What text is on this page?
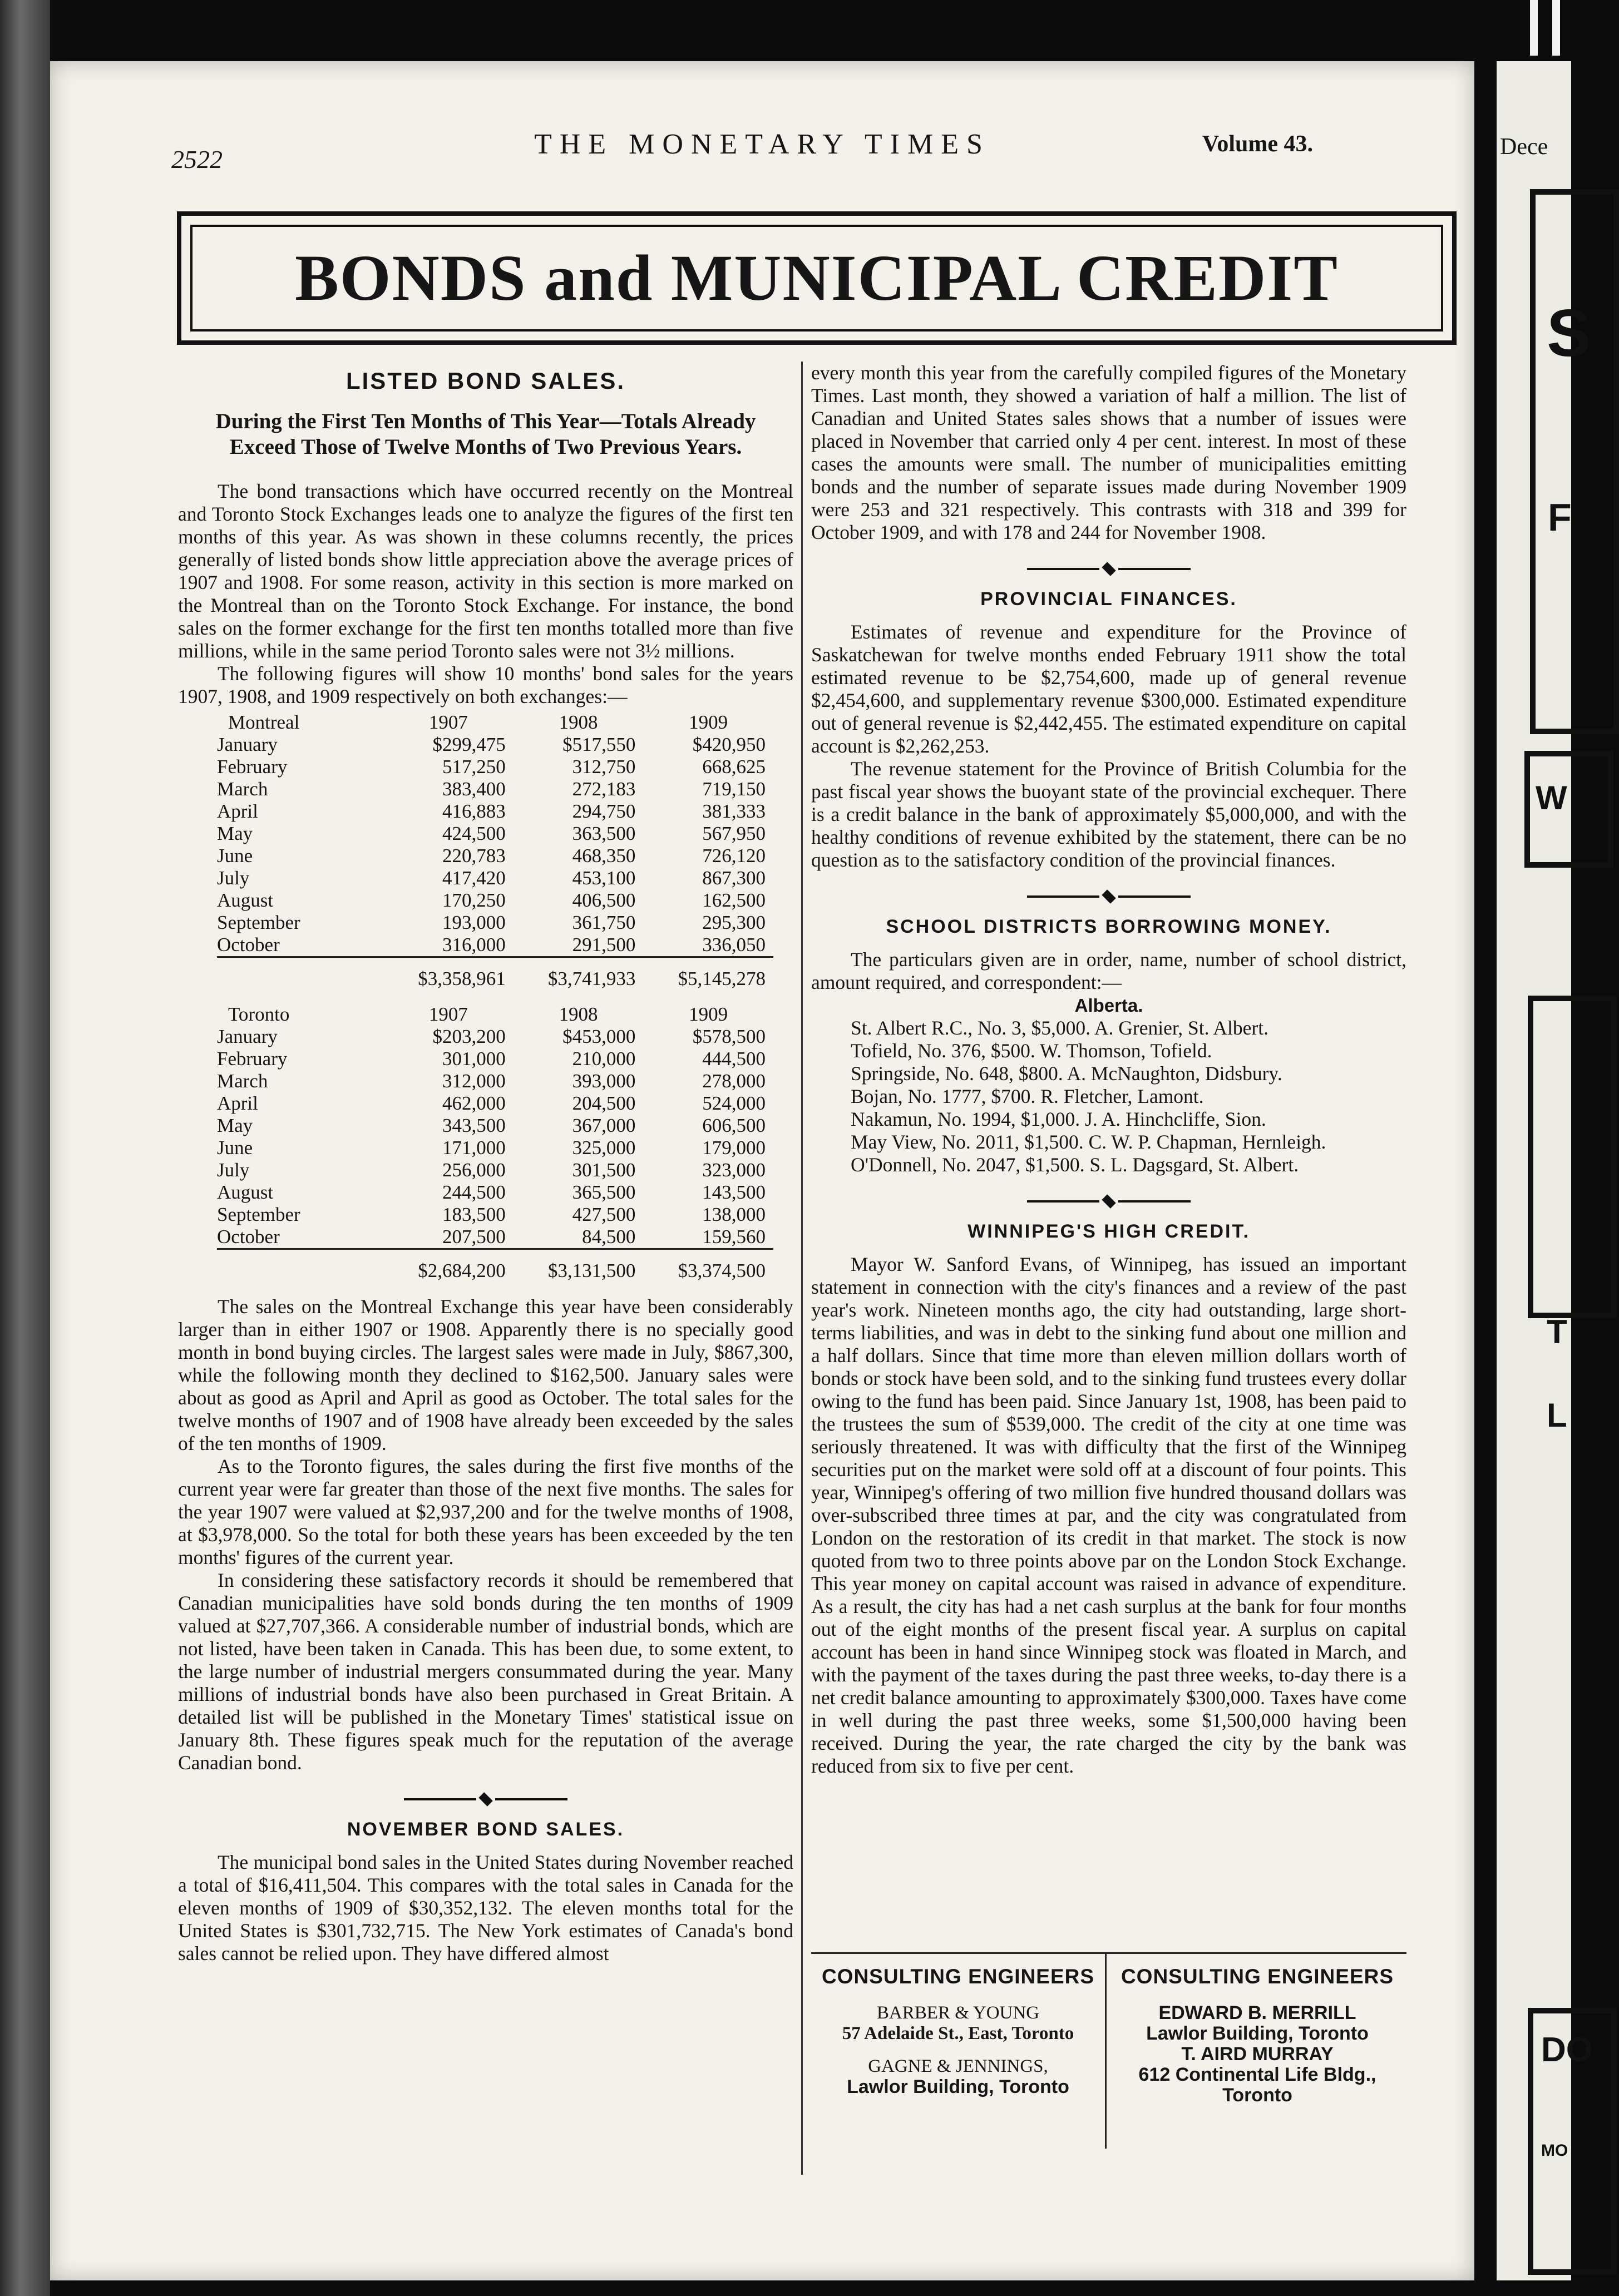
2522	THE MONETARY TIMES	Volume 43.
BONDS and MUNICIPAL CREDIT
LISTED BOND SALES.
During the First Ten Months of This Year—Totals Already Exceed Those of Twelve Months of Two Previous Years.

The bond transactions which have occurred recently on the Montreal and Toronto Stock Exchanges leads one to analyze the figures of the first ten months of this year. As was shown in these columns recently, the prices generally of listed bonds show little appreciation above the average prices of 1907 and 1908. For some reason, activity in this section is more marked on the Montreal than on the Toronto Stock Exchange. For instance, the bond sales on the former exchange for the first ten months totalled more than five millions, while in the same period Toronto sales were not 3½ millions.

The following figures will show 10 months' bond sales for the years 1907, 1908, and 1909 respectively on both exchanges:—

Montreal	1907	1908	1909
January	$299,475	$517,550	$420,950
February	517,250	312,750	668,625
March	383,400	272,183	719,150
April	416,883	294,750	381,333
May	424,500	363,500	567,950
June	220,783	468,350	726,120
July	417,420	453,100	867,300
August	170,250	406,500	162,500
September	193,000	361,750	295,300
October	316,000	291,500	336,050
	$3,358,961	$3,741,933	$5,145,278

Toronto	1907	1908	1909
January	$203,200	$453,000	$578,500
February	301,000	210,000	444,500
March	312,000	393,000	278,000
April	462,000	204,500	524,000
May	343,500	367,000	606,500
June	171,000	325,000	179,000
July	256,000	301,500	323,000
August	244,500	365,500	143,500
September	183,500	427,500	138,000
October	207,500	84,500	159,560
	$2,684,200	$3,131,500	$3,374,500

The sales on the Montreal Exchange this year have been considerably larger than in either 1907 or 1908. Apparently there is no specially good month in bond buying circles. The largest sales were made in July, $867,300, while the following month they declined to $162,500. January sales were about as good as April and April as good as October. The total sales for the twelve months of 1907 and of 1908 have already been exceeded by the sales of the ten months of 1909.

As to the Toronto figures, the sales during the first five months of the current year were far greater than those of the next five months. The sales for the year 1907 were valued at $2,937,200 and for the twelve months of 1908, at $3,978,000. So the total for both these years has been exceeded by the ten months' figures of the current year.

In considering these satisfactory records it should be remembered that Canadian municipalities have sold bonds during the ten months of 1909 valued at $27,707,366. A considerable number of industrial bonds, which are not listed, have been taken in Canada. This has been due, to some extent, to the large number of industrial mergers consummated during the year. Many millions of industrial bonds have also been purchased in Great Britain. A detailed list will be published in the Monetary Times' statistical issue on January 8th. These figures speak much for the reputation of the average Canadian bond.

NOVEMBER BOND SALES.

The municipal bond sales in the United States during November reached a total of $16,411,504. This compares with the total sales in Canada for the eleven months of 1909 of $30,352,132. The eleven months total for the United States is $301,732,715. The New York estimates of Canada's bond sales cannot be relied upon. They have differed almost

every month this year from the carefully compiled figures of the Monetary Times. Last month, they showed a variation of half a million. The list of Canadian and United States sales shows that a number of issues were placed in November that carried only 4 per cent. interest. In most of these cases the amounts were small. The number of municipalities emitting bonds and the number of separate issues made during November 1909 were 253 and 321 respectively. This contrasts with 318 and 399 for October 1909, and with 178 and 244 for November 1908.

PROVINCIAL FINANCES.

Estimates of revenue and expenditure for the Province of Saskatchewan for twelve months ended February 1911 show the total estimated revenue to be $2,754,600, made up of general revenue $2,454,600, and supplementary revenue $300,000. Estimated expenditure out of general revenue is $2,442,455. The estimated expenditure on capital account is $2,262,253.

The revenue statement for the Province of British Columbia for the past fiscal year shows the buoyant state of the provincial exchequer. There is a credit balance in the bank of approximately $5,000,000, and with the healthy conditions of revenue exhibited by the statement, there can be no question as to the satisfactory condition of the provincial finances.

SCHOOL DISTRICTS BORROWING MONEY.

The particulars given are in order, name, number of school district, amount required, and correspondent:—

Alberta.

St. Albert R.C., No. 3, $5,000. A. Grenier, St. Albert.

Tofield, No. 376, $500. W. Thomson, Tofield.

Springside, No. 648, $800. A. McNaughton, Didsbury.

Bojan, No. 1777, $700. R. Fletcher, Lamont.

Nakamun, No. 1994, $1,000. J. A. Hinchcliffe, Sion.

May View, No. 2011, $1,500. C. W. P. Chapman, Hernleigh.

O'Donnell, No. 2047, $1,500. S. L. Dagsgard, St. Albert.

WINNIPEG'S HIGH CREDIT.

Mayor W. Sanford Evans, of Winnipeg, has issued an important statement in connection with the city's finances and a review of the past year's work. Nineteen months ago, the city had outstanding, large short-terms liabilities, and was in debt to the sinking fund about one million and a half dollars. Since that time more than eleven million dollars worth of bonds or stock have been sold, and to the sinking fund trustees every dollar owing to the fund has been paid. Since January 1st, 1908, has been paid to the trustees the sum of $539,000. The credit of the city at one time was seriously threatened. It was with difficulty that the first of the Winnipeg securities put on the market were sold off at a discount of four points. This year, Winnipeg's offering of two million five hundred thousand dollars was over-subscribed three times at par, and the city was congratulated from London on the restoration of its credit in that market. The stock is now quoted from two to three points above par on the London Stock Exchange. This year money on capital account was raised in advance of expenditure. As a result, the city has had a net cash surplus at the bank for four months out of the eight months of the present fiscal year. A surplus on capital account has been in hand since Winnipeg stock was floated in March, and with the payment of the taxes during the past three weeks, to-day there is a net credit balance amounting to approximately $300,000. Taxes have come in well during the past three weeks, some $1,500,000 having been received. During the year, the rate charged the city by the bank was reduced from six to five per cent.

CONSULTING ENGINEERS
BARBER & YOUNG
57 Adelaide St., East, Toronto
GAGNE & JENNINGS,
Lawlor Building, Toronto
CONSULTING ENGINEERS
EDWARD B. MERRILL
Lawlor Building, Toronto
T. AIRD MURRAY
612 Continental Life Bldg.,
Toronto
Dece
S
F
W
T
L
DO
MO
